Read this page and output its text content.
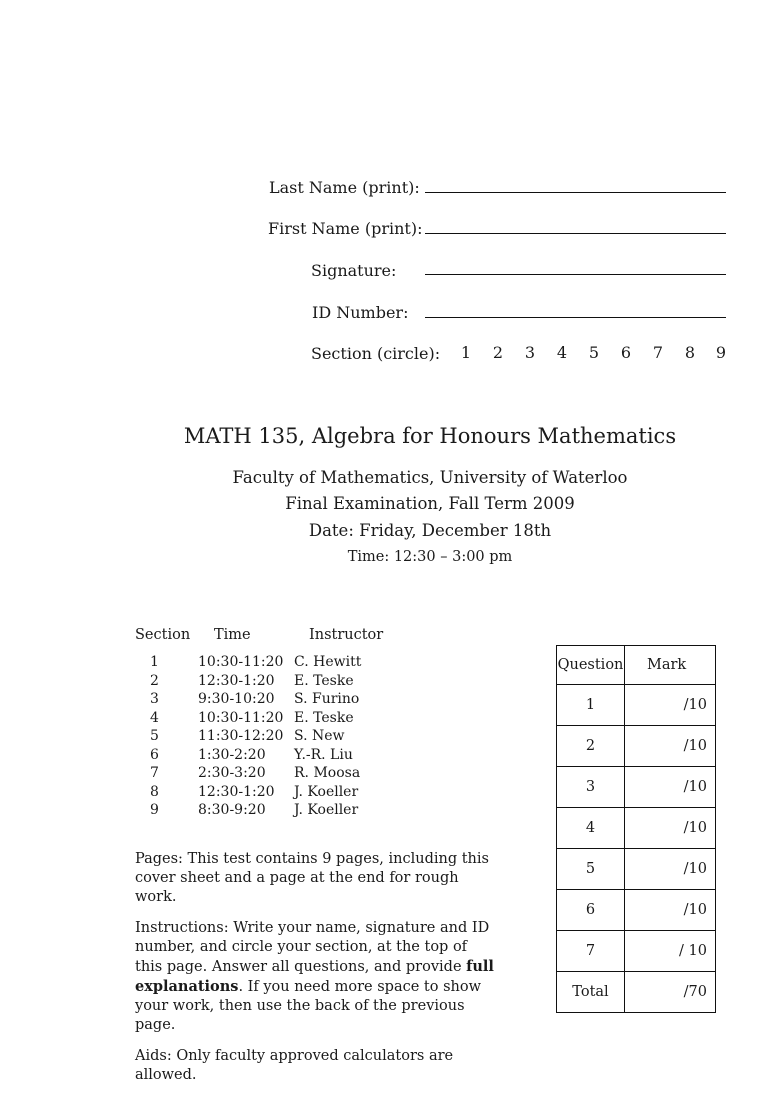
Last Name (print):
First Name (print):
Signature:
ID Number:
Section (circle):	1	2	3	4	5	6	7	8	9
MATH 135, Algebra for Honours Mathematics
Faculty of Mathematics, University of Waterloo
Final Examination, Fall Term 2009
Date: Friday, December 18th
Time: 12:30 – 3:00 pm
Section Time	Instructor
1	10:30-11:20 C. Hewitt
2	12:30-1:20 E. Teske
3	9:30-10:20 S. Furino
4	10:30-11:20 E. Teske
5	11:30-12:20 S. New
6	1:30-2:20 Y.-R. Liu
7	2:30-3:20 R. Moosa
8	12:30-1:20 J. Koeller
9	8:30-9:20 J. Koeller

Pages: This test contains 9 pages, including this cover sheet and a page at the end for rough work.

Instructions: Write your name, signature and ID number, and circle your section, at the top of this page. Answer all questions, and provide full explanations. If you need more space to show your work, then use the back of the previous page.

Aids: Only faculty approved calculators are allowed.

Question	Mark
1	/10
2	/10
3	/10
4	/10
5	/10
6	/10
7	/ 10
Total	/70
